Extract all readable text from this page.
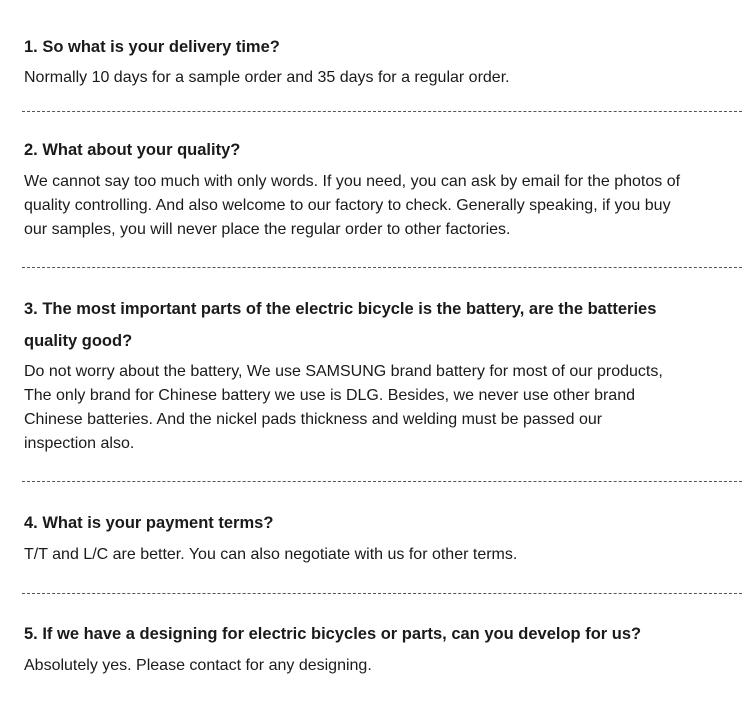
1. So what is your delivery time?

Normally 10 days for a sample order and 35 days for a regular order.

2. What about your quality?

We cannot say too much with only words. If you need, you can ask by email for the photos of
quality controlling. And also welcome to our factory to check. Generally speaking, if you buy
our samples, you will never place the regular order to other factories.

3. The most important parts of the electric bicycle is the battery, are the batteries
quality good?

Do not worry about the battery, We use SAMSUNG brand battery for most of our products,
The only brand for Chinese battery we use is DLG. Besides, we never use other brand
Chinese batteries. And the nickel pads thickness and welding must be passed our
inspection also.

4. What is your payment terms?

T/T and L/C are better. You can also negotiate with us for other terms.

5. If we have a designing for electric bicycles or parts, can you develop for us?

Absolutely yes. Please contact for any designing.
